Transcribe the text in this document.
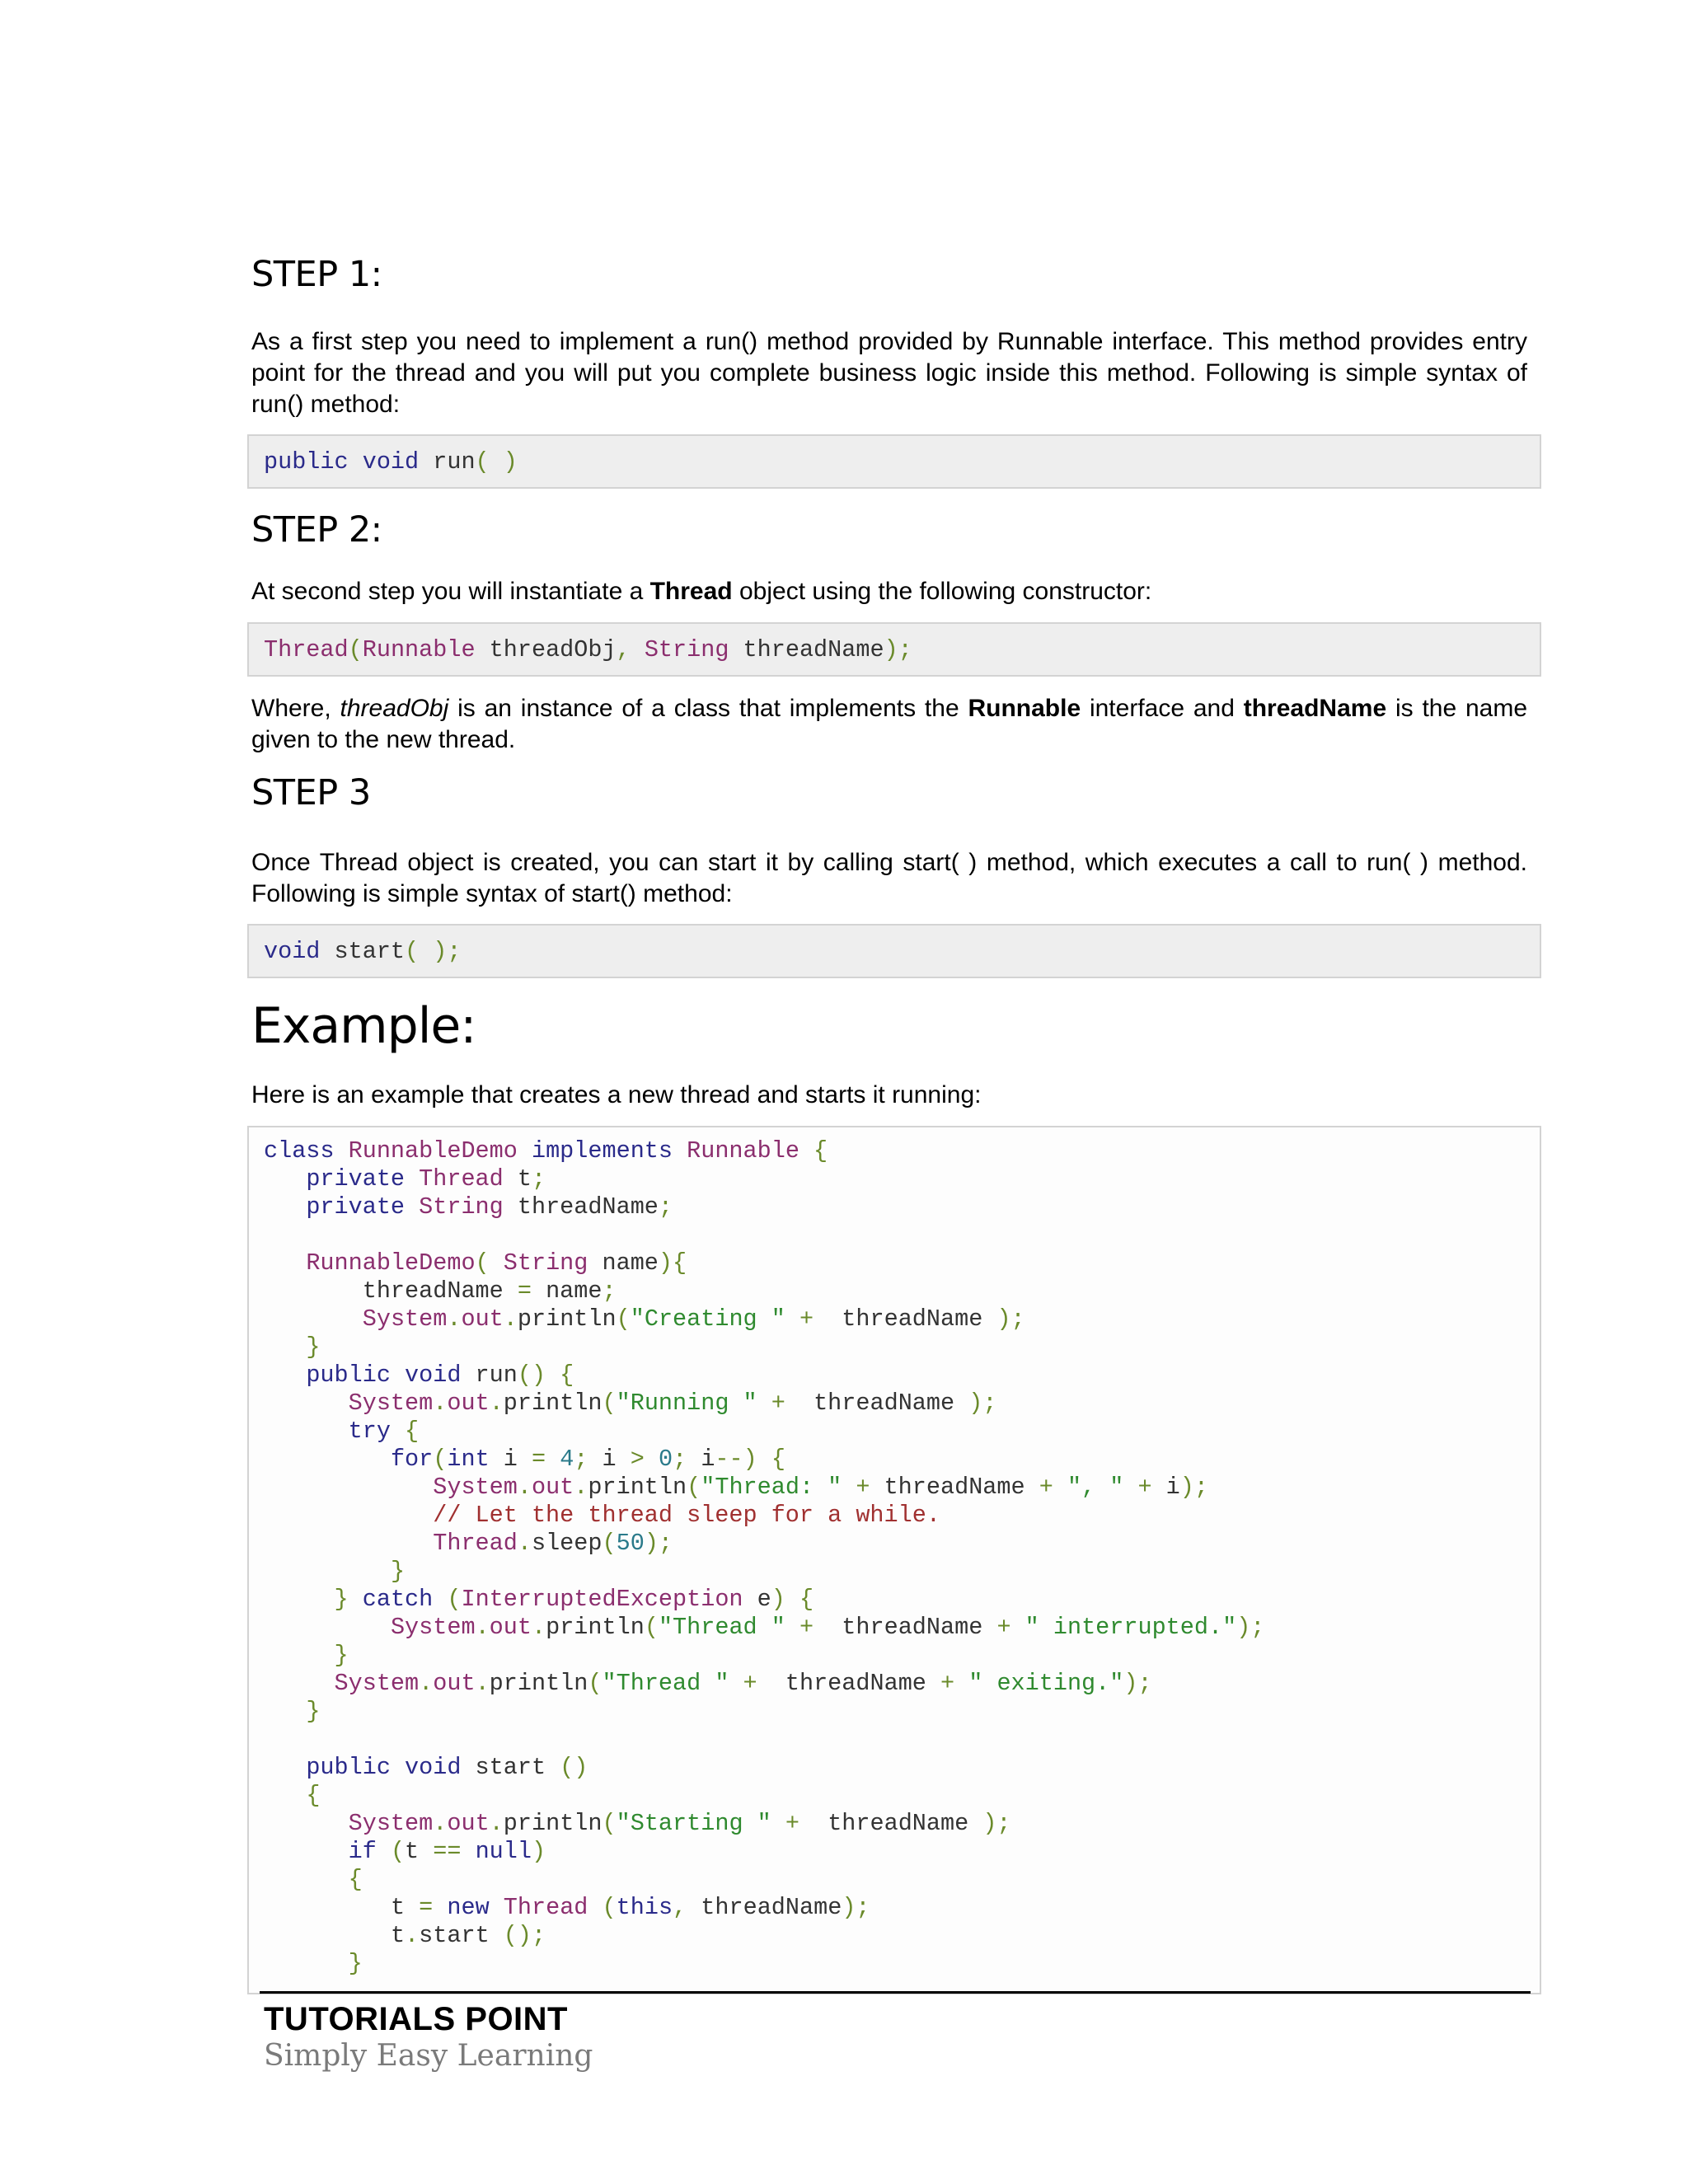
STEP 1:

As a first step you need to implement a run() method provided by Runnable interface. This method provides entry point for the thread and you will put you complete business logic inside this method. Following is simple syntax of run() method:

public void run( )
STEP 2:

At second step you will instantiate a Thread object using the following constructor:

Thread(Runnable threadObj, String threadName);

Where, threadObj is an instance of a class that implements the Runnable interface and threadName is the name given to the new thread.

STEP 3

Once Thread object is created, you can start it by calling start( ) method, which executes a call to run( ) method. Following is simple syntax of start() method:

void start( );
Example:

Here is an example that creates a new thread and starts it running:

class RunnableDemo implements Runnable {
private Thread t;
private String threadName;
RunnableDemo( String name){
threadName = name;
System.out.println("Creating " +  threadName );
}
public void run() {
System.out.println("Running " +  threadName );
try {
for(int i = 4; i > 0; i--) {
System.out.println("Thread: " + threadName + ", " + i);
// Let the thread sleep for a while.
Thread.sleep(50);
}
} catch (InterruptedException e) {
System.out.println("Thread " +  threadName + " interrupted.");
}
System.out.println("Thread " +  threadName + " exiting.");
}
public void start ()
{
System.out.println("Starting " +  threadName );
if (t == null)
{
t = new Thread (this, threadName);
t.start ();
}
TUTORIALS POINT
Simply Easy Learning
